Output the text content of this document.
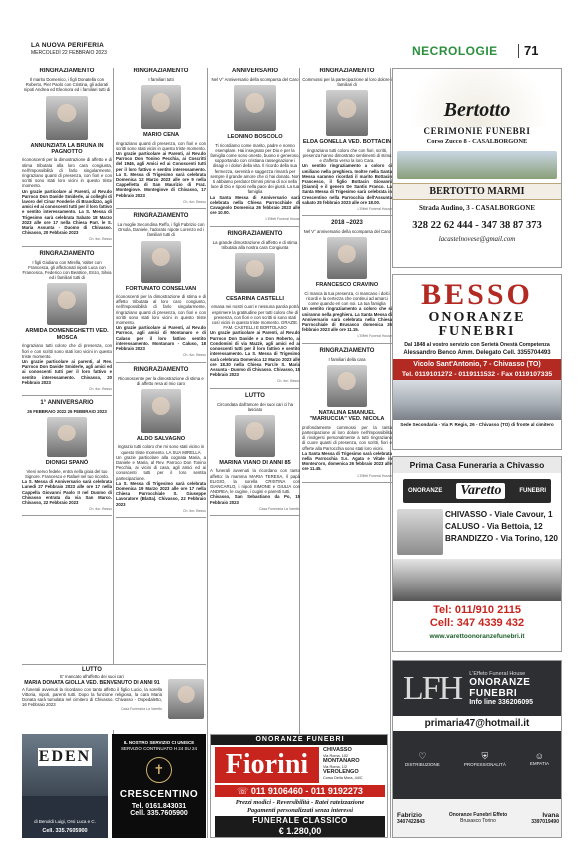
LA NUOVA PERIFERIA
MERCOLEDÌ 22 FEBBRAIO 2023	NECROLOGIE 71
RINGRAZIAMENTO
Il marito Domenico, i figli Donatella con Roberto, Pier Paolo con Cristina, gli adorati nipoti Andrea ed Eleonora ed i familiari tutti di
ANNUNZIATA LA BRUNA IN PAGNOTTO
riconoscenti per la dimostrazione di affetto e di stima tributata alla loro cara congiunta, nell'impossibilità di farlo singolarmente, ringraziano quanti di presenza, con fiori e con scritti sono stati loro vicini in questo triste momento.
Un grazie particolare ai Parenti, al Rev.do Parroco Don Davide Smiderle, ai colleghi di lavoro del Cinar Fonderie di Brandizzo, agli amici ed ai conoscenti tutti per il loro fattivo e sentito interessamento. La S. Messa di Trigesimo sarà celebrata Sabato 18 Marzo 2023 alle ore 17 nella Chiesa Parr. le S. Maria Assunta - Duomo di Chivasso. Chivasso, 20 Febbraio 2023
Ch. fun. Besso
RINGRAZIAMENTO
I figli Giuliano con Mirella, Valter con Francesca, gli affezionati nipoti Luca con Francesca, Federico con Beatrice, Enzo, Silvia ed i familiari tutti di
ARMIDA DOMENEGHETTI VED. MOSCA
ringraziano tutti coloro che di presenza, con fiori e con scritti sono stati loro vicini in questo triste momento.
Un grazie particolare ai parenti, al Rev. Parroco Don Davide Smiderle, agli amici ed ai conoscenti tutti per il loro fattivo e sentito interessamento. Chivasso, 20 Febbraio 2023
Ch. fun. Besso
1° ANNIVERSARIO
26 FEBBRAIO 2022 26 FEBBRAIO 2023
DIONIGI SPANÒ
Vieni servo fedele, entra nella gioia del tuo Signore. Francesco e Rafael nel tuo ricordo.
La S. Messa di Anniversario sarà celebrata Lunedì 27 Febbraio 2023 alle ore 17 nella Cappella Giovanni Paolo II nel Duomo di Chivasso entrata da via San Marco. Chivasso, 22 Febbraio 2023
Ch. fun. Besso
RINGRAZIAMENTO
I familiari tutti
MARIO CENA
ringraziano quanti di presenza, con fiori e con scritti sono stati vicini in questo triste momento.
Un grazie particolare ai Parenti, al Rev.do Parroco Don Tonino Pecchia, ai Coscritti del 1946, agli Amici ed ai Conoscenti tutti per il loro fattivo e sentito interessamento. La S. Messa di Trigesimo sarà celebrata Domenica 12 Marzo 2023 alle ore 9 nella Cappelletta di San Maurizio di Fraz. Montegiove. Montegiove di Chivasso, 17 Febbraio 2023
Ch. fun. Besso
RINGRAZIAMENTO
La moglie Secondina Reffo, i figli Fabrizio con Orsola, Daniele, l'adorato nipote Lorenzo ed i familiari tutti di
FORTUNATO CONSELVAN
riconoscenti per la dimostrazione di stima e di affetto tributata al loro caro congiunto, nell'impossibilità di farlo singolarmente, ringraziano quanti di presenza, con fiori e con scritti sono stati loro vicini in questo triste momento.
Un grazie particolare ai Parenti, al Rev.do Parroco, agli amici di Montanaro e di Caluso per il loro fattivo sentito interessamento. Montanaro - Caluso, 18 Febbraio 2023
Ch. fun. Besso
RINGRAZIAMENTO
Riconoscente per la dimostrazione di stima e di affetto resa al mio caro
ALDO SALVAGNO
Ingrazio tutti coloro che mi sono stati vicino in questo triste momento. LA SUA MIRELLA
Un grazie particolare alla cognata Maria, a Daniele e Maria, al Rev. Parroco Don Tonino Pecchia, ai vicini di casa, agli amici ed ai conoscenti tutti per il loro sentita partecipazione.
La S. Messa di Trigesimo sarà celebrata Domenica 19 Marzo 2023 alle ore 17 nella Chiesa Parrocchiale S. Giuseppe Lavoratore (Blatta). Chivasso, 22 Febbraio 2023
Ch. fun. Besso
ANNIVERSARIO
Nel V° Anniversario della scomparsa del Caro
LEONINO BOSCOLO
Ti ricordiamo come marito, padre e nonno esemplare. Hai insegnato per Dio e per la famiglia come sono onesto, buono e generoso, sopportando con cristiana rassegnazione i disagi e i dolori della vita. Il ricordo della sua fermezza, serenità e saggezza rimarrà per sempre il grande amore che ci hai donato. Non ti abbiamo perduto! Dimmi prima di noi nella luce di Dio e riposi nella pace dei giusti. La tua famiglia
La Santa Messa di Anniversario sarà celebrata nella Chiesa Parrocchiale di Cavagnolo Domenica 26 febbraio 2023 alle ore 10.00.
L'Effeti Funeral House
RINGRAZIAMENTO
La grande dimostrazione di affetto e di stima tributata alla nostra cara Congiunta
CESARINA CASTELLI
emana nei nostri cuori e nessuna parola potrà esprimere la gratitudine per tutti coloro che di presenza, con fiori e con scritti si sono stati così vicini in questo triste momento. GRAZIE. FAM. CASTELLI E BORTOLASO
Un grazie particolare ai Parenti, al Rev.do Parroco Don Davide e a Don Roberto, ai Condomini di via Mazzè, agli amici ed ai conoscenti tutti per il loro fattivo e sentito interessamento. La S. Messa di Trigesimo sarà celebrata Domenica 12 Marzo 2023 alle ore 18.30 nella Chiesa Parr.le S. Maria Assunta - Duomo di Chivasso. Chivasso, 15 Febbraio 2023
Ch. fun. Besso
LUTTO
Circondata dall'amore dei suoi cari ci ha lasciato
MARINA VIANO DI ANNI 85
A funerali avvenuti la ricordano con tanto affetto: la mamma MARIA TERESA, il papà ELIGIO, la sorella CRISTINA con GIANCARLO, i nipoti SIMONE e GIULIA con ANDREA, le cugine, i cugini e parenti tutti.
Chivasso, San Sebastiano da Po, 15 Febbraio 2023
Casa Funeraria La Varetto
RINGRAZIAMENTO
Commossi per la partecipazione al loro dolore i familiari di
ELDA GONELLA VED. BOTTACIN
ringraziano tutti coloro che con fiori, scritti, presenza hanno dimostrato sentimenti di stima e d'affetto verso la loro Cara.
Un sentito ringraziamento a coloro ci umiliano nella preghiera. Inoltre nella Santa Messa saranno ricordati il marito Bottacin Francesco, il figlio Bottacin Giovanni (Gianni) e il genero De Santis Franco. La Santa Messa di Trigesimo sarà celebrata in Crescentino nella Parrocchia dell'Assunta sabato 25 febbraio 2023 alle ore 18.00.
L'Effeti Funeral House
2018 –2023
Nel V° anniversario della scomparsa del Caro
FRANCESCO CRAVINO
Ci manca la tua presenza, ci mancano i dolci ricordi e la certezza che continui ad amarci come quando eri con noi. La tua famiglia
Un sentito ringraziamento a coloro che si uniranno nella preghiera. La Santa Messa di Anniversario sarà celebrata nella Chiesa Parrocchiale di Brusasco domenica 26 febbraio 2023 alle ore 11.15.
L'Effeti Funeral House
RINGRAZIAMENTO
I familiari della cara
NATALINA EMANUEL "MARIUCCIA" VED. NICOLA
profondamente commossi per la tanta partecipazione al loro dolore nell'impossibilità di rivolgersi personalmente a tutti ringraziano di cuore quanti di presenza, con scritti, fiori e offerte alla Parrocchia sono stati loro vicini.
La Santa Messa di Trigesimo sarà celebrata nella Parrocchia S.s. Agata e Vitale in Monteu'oro, domenica 26 febbraio 2023 alle ore 11.45.
L'Effeti Funeral House
LUTTO
E' mancato all'affetto dei suoi cari
MARIA DONATA GIOLLA VED. BENVENUTO DI ANNI 91
A funerali avvenuti la ricordano con tanto affetto il figlio Lucio, la sorella Vittoria, nipoti, parenti tutti. Dopo la funzione religiosa, la cara Maria Donata sarà tumulata nel cimitero di Chivasso. Chivasso - Ospedaletto, 16 Febbraio 2023
Casa Funeraria La Varetto
Bertotto
CERIMONIE FUNEBRI
Corso Zucco 8 - CASALBORGONE
BERTOTTO MARMI
Strada Audino, 3 - CASALBORGONE
328 22 62 444 - 347 38 87 373
lacastelnovese@gmail.com
BESSO
ONORANZE
FUNEBRI
Dal 1848 al vostro servizio con Serietà Onestà Competenza
Alessandro Benco Amm. Delegato Cell. 3355704493
Vicolo Sant'Antonio, 7 - Chivasso (TO)
Tel. 0119101272 - 0119111532 - Fax 0119107335
Sede Secondaria - Via P. Regis, 26 - Chivasso (TO) di fronte al cimitero
Prima Casa Funeraria a Chivasso
ONORANZE Varetto	FUNEBRI
CHIVASSO - Viale Cavour, 1
CALUSO - Via Bettoia, 12
BRANDIZZO - Via Torino, 120
Tel: 011/910 2115
Cell: 347 4339 432
www.varettoonoranzefunebri.it
LFH L'Effeto Funeral House
ONORANZE FUNEBRI
Info line 336206095
primaria47@hotmail.it
♡
DISTRIBUZIONE
⛨
PROFESSIONALITÀ
☺
EMPATIA
Fabrizio
3407422843
Onoranze Funebri Effeto
Brusasco Torino
Ivana
3397019490
EDEN
di Benoldi Luigi, Orsi Luca e C.
Cell. 335.7605900
IL NOSTRO SERVIZIO CI UNISCE
SERVIZIO CONTINUATO H 24 SU 24
✝
CRESCENTINO
Tel. 0161.843031
Cell. 335.7605900
ONORANZE FUNEBRI
Fiorini	CHIVASSO
Via Roma, 102
MONTANARO
Via Roma, 1/2
VEROLENGO
Corso Della Mora, 44/C
☏ 011 9106460 - 011 9192273
Prezzi modici - Reversibilità - Ratei rateizzazione
Pagamenti personalizzati senza interessi
FUNERALE CLASSICO
€ 1.280,00
